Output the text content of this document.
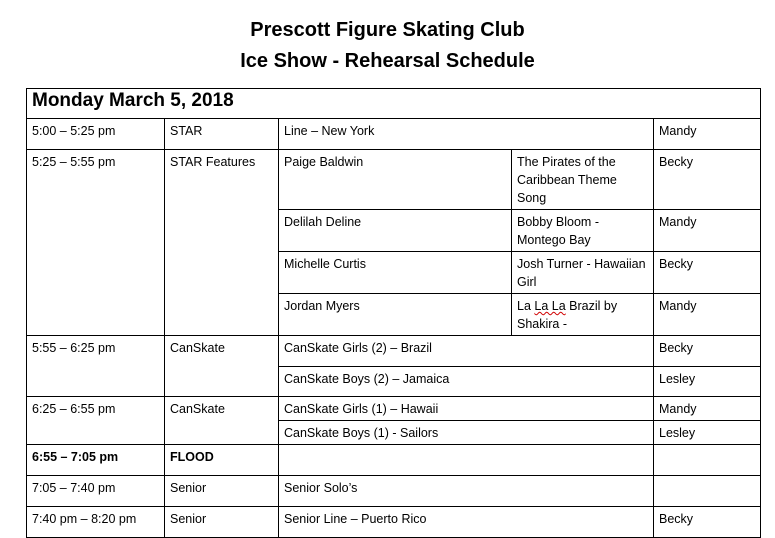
Prescott Figure Skating Club
Ice Show - Rehearsal Schedule
Monday March 5, 2018				
5:00 – 5:25 pm	STAR	Line – New York		Mandy
5:25 – 5:55 pm	STAR Features	Paige Baldwin	The Pirates of the Caribbean Theme Song	Becky
		Delilah Deline	Bobby Bloom - Montego Bay	Mandy
		Michelle Curtis	Josh Turner - Hawaiian Girl	Becky
		Jordan Myers	La La La Brazil by Shakira -	Mandy
5:55 – 6:25 pm	CanSkate	CanSkate Girls (2) – Brazil		Becky
		CanSkate Boys (2) – Jamaica		Lesley
6:25 – 6:55 pm	CanSkate	CanSkate Girls (1) – Hawaii		Mandy
		CanSkate Boys (1) - Sailors		Lesley
6:55 – 7:05 pm	FLOOD			
7:05 – 7:40 pm	Senior	Senior Solo’s		
7:40 pm – 8:20 pm	Senior	Senior Line – Puerto Rico		Becky
